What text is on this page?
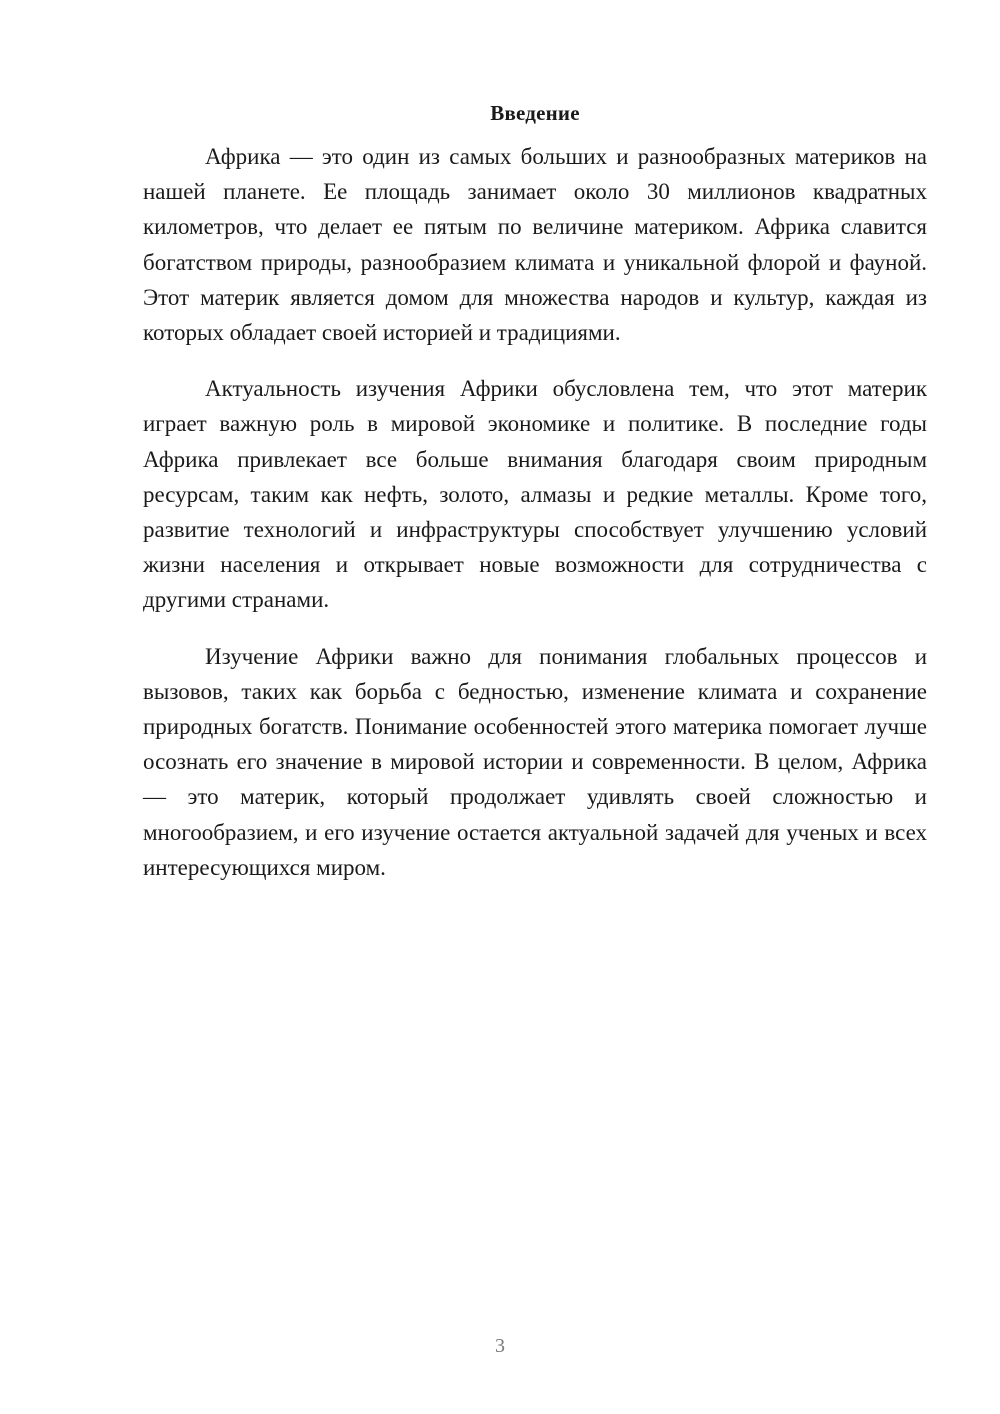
Введение

Африка — это один из самых больших и разнообразных материков на нашей планете. Ее площадь занимает около 30 миллионов квадратных километров, что делает ее пятым по величине материком. Африка славится богатством природы, разнообразием климата и уникальной флорой и фауной. Этот материк является домом для множества народов и культур, каждая из которых обладает своей историей и традициями.

Актуальность изучения Африки обусловлена тем, что этот материк играет важную роль в мировой экономике и политике. В последние годы Африка привлекает все больше внимания благодаря своим природным ресурсам, таким как нефть, золото, алмазы и редкие металлы. Кроме того, развитие технологий и инфраструктуры способствует улучшению условий жизни населения и открывает новые возможности для сотрудничества с другими странами.

Изучение Африки важно для понимания глобальных процессов и вызовов, таких как борьба с бедностью, изменение климата и сохранение природных богатств. Понимание особенностей этого материка помогает лучше осознать его значение в мировой истории и современности. В целом, Африка — это материк, который продолжает удивлять своей сложностью и многообразием, и его изучение остается актуальной задачей для ученых и всех интересующихся миром.

3
